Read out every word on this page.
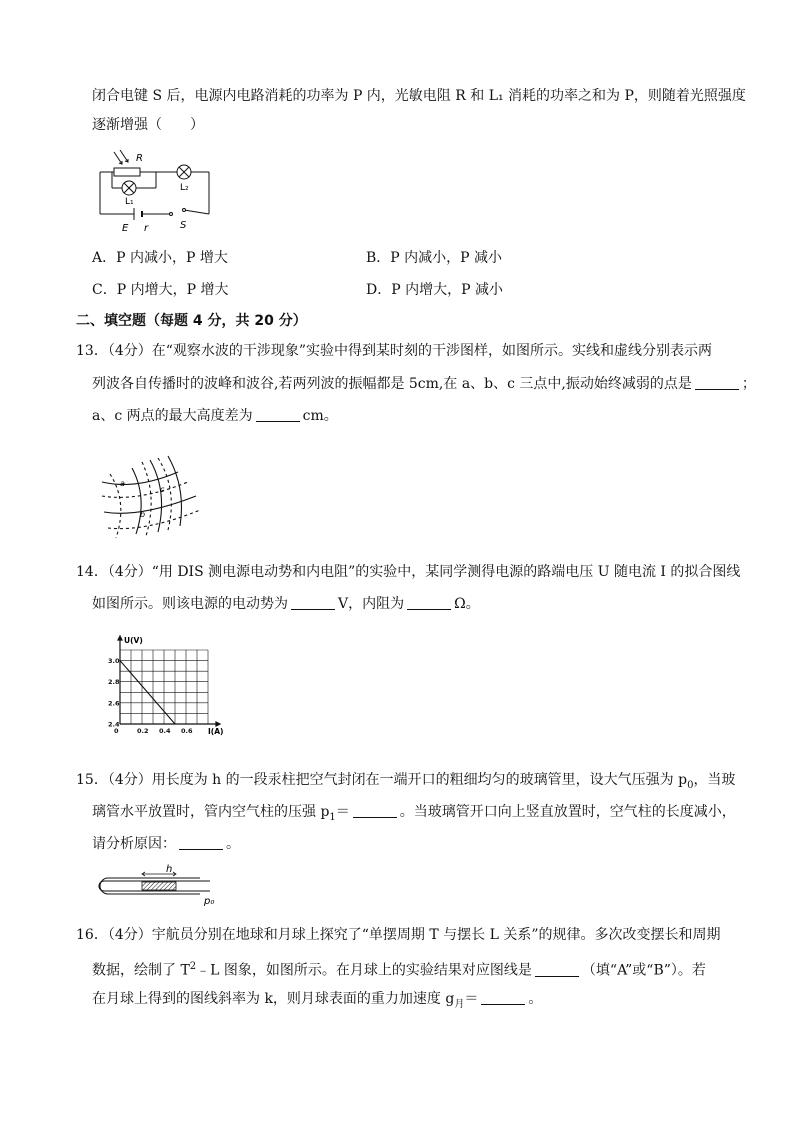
闭合电键 S 后，电源内电路消耗的功率为 P 内，光敏电阻 R 和 L₁ 消耗的功率之和为 P，则随着光照强度
逐渐增强（　　）
R
L₁
L₂
E r	S
A．P 内减小，P 增大	B．P 内减小，P 减小
C．P 内增大，P 增大	D．P 内增大，P 减小
二、填空题（每题 4 分，共 20 分）
13．（4分）在“观察水波的干涉现象”实验中得到某时刻的干涉图样，如图所示。实线和虚线分别表示两
列波各自传播时的波峰和波谷,若两列波的振幅都是 5cm,在 a、b、c 三点中,振动始终减弱的点是	；
a、c 两点的最大高度差为	cm。
a
b
c
14．（4分）“用 DIS 测电源电动势和内电阻”的实验中，某同学测得电源的路端电压 U 随电流 I 的拟合图线
如图所示。则该电源的电动势为	V，内阻为	Ω。
0	0.2 0.4 0.6
2.4
2.6
2.8
3.0
U(V)
I(A)
15．（4分）用长度为 h 的一段汞柱把空气封闭在一端开口的粗细均匀的玻璃管里，设大气压强为 $p_0$，当玻
璃管水平放置时，管内空气柱的压强 $p_1=$	。当玻璃管开口向上竖直放置时，空气柱的长度减小，
请分析原因：	。
h
p₀
16．（4分）宇航员分别在地球和月球上探究了“单摆周期 T 与摆长 L 关系”的规律。多次改变摆长和周期
数据，绘制了 $T^2﹣L$ 图象，如图所示。在月球上的实验结果对应图线是	（填“A”或“B”）。若
在月球上得到的图线斜率为 k，则月球表面的重力加速度 $g_月=$	。
